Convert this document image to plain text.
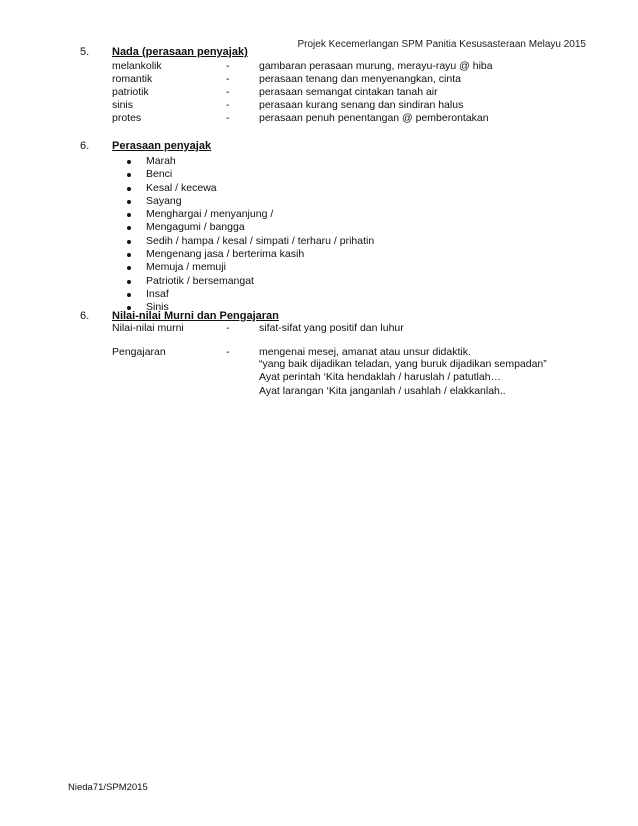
Projek Kecemerlangan SPM Panitia Kesusasteraan Melayu 2015
5. Nada (perasaan penyajak)
melankolik	-	gambaran perasaan murung, merayu-rayu @ hiba
romantik	-	perasaan tenang dan menyenangkan, cinta
patriotik	-	perasaan semangat cintakan tanah air
sinis	-	perasaan kurang senang dan sindiran halus
protes	-	perasaan penuh penentangan @ pemberontakan
6. Perasaan penyajak
Marah
Benci
Kesal / kecewa
Sayang
Menghargai / menyanjung /
Mengagumi / bangga
Sedih / hampa / kesal / simpati / terharu / prihatin
Mengenang jasa / berterima kasih
Memuja / memuji
Patriotik / bersemangat
Insaf
Sinis
6. Nilai-nilai Murni dan Pengajaran
Nilai-nilai murni	-	sifat-sifat yang positif dan luhur
Pengajaran	-	mengenai mesej, amanat atau unsur didaktik.
“yang baik dijadikan teladan, yang buruk dijadikan sempadan”
Ayat perintah ‘Kita hendaklah / haruslah / patutlah…
Ayat larangan ‘Kita janganlah / usahlah / elakkanlah..
Nieda71/SPM2015
